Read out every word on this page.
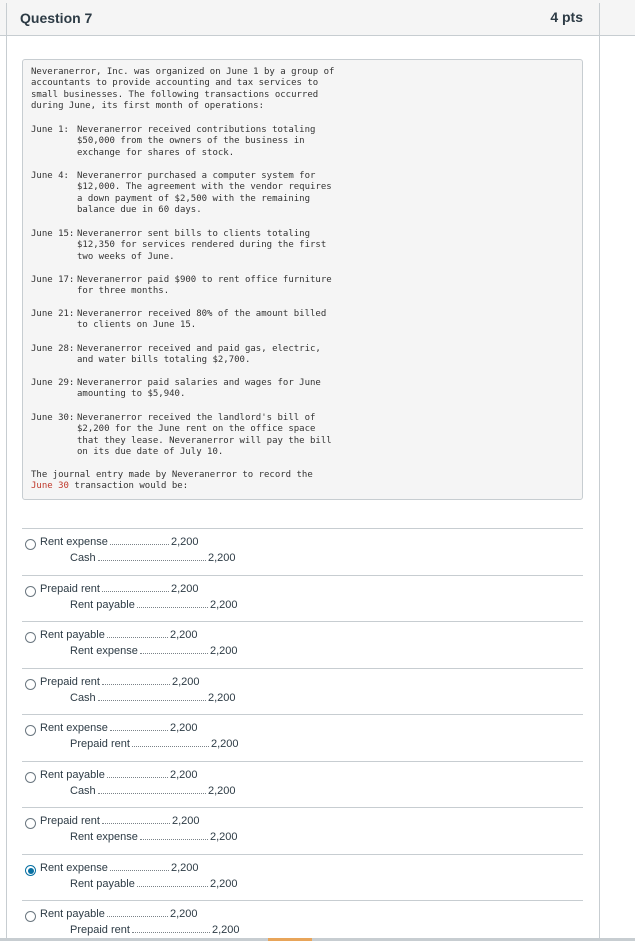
Question 7	4 pts
Neveranerror, Inc. was organized on June 1 by a group of
accountants to provide accounting and tax services to
small businesses. The following transactions occurred
during June, its first month of operations:
June 1: Neveranerror received contributions totaling $50,000 from the owners of the business in exchange for shares of stock.
June 4: Neveranerror purchased a computer system for $12,000. The agreement with the vendor requires a down payment of $2,500 with the remaining balance due in 60 days.
June 15: Neveranerror sent bills to clients totaling $12,350 for services rendered during the first two weeks of June.
June 17: Neveranerror paid $900 to rent office furniture for three months.
June 21: Neveranerror received 80% of the amount billed to clients on June 15.
June 28: Neveranerror received and paid gas, electric, and water bills totaling $2,700.
June 29: Neveranerror paid salaries and wages for June amounting to $5,940.
June 30: Neveranerror received the landlord's bill of $2,200 for the June rent on the office space that they lease. Neveranerror will pay the bill on its due date of July 10.
The journal entry made by Neveranerror to record the
June 30 transaction would be:
Rent expense	2,200
Cash	2,200
Prepaid rent	2,200
Rent payable	2,200
Rent payable	2,200
Rent expense	2,200
Prepaid rent	2,200
Cash	2,200
Rent expense	2,200
Prepaid rent	2,200
Rent payable	2,200
Cash	2,200
Prepaid rent	2,200
Rent expense	2,200
Rent expense	2,200
Rent payable	2,200
Rent payable	2,200
Prepaid rent	2,200
